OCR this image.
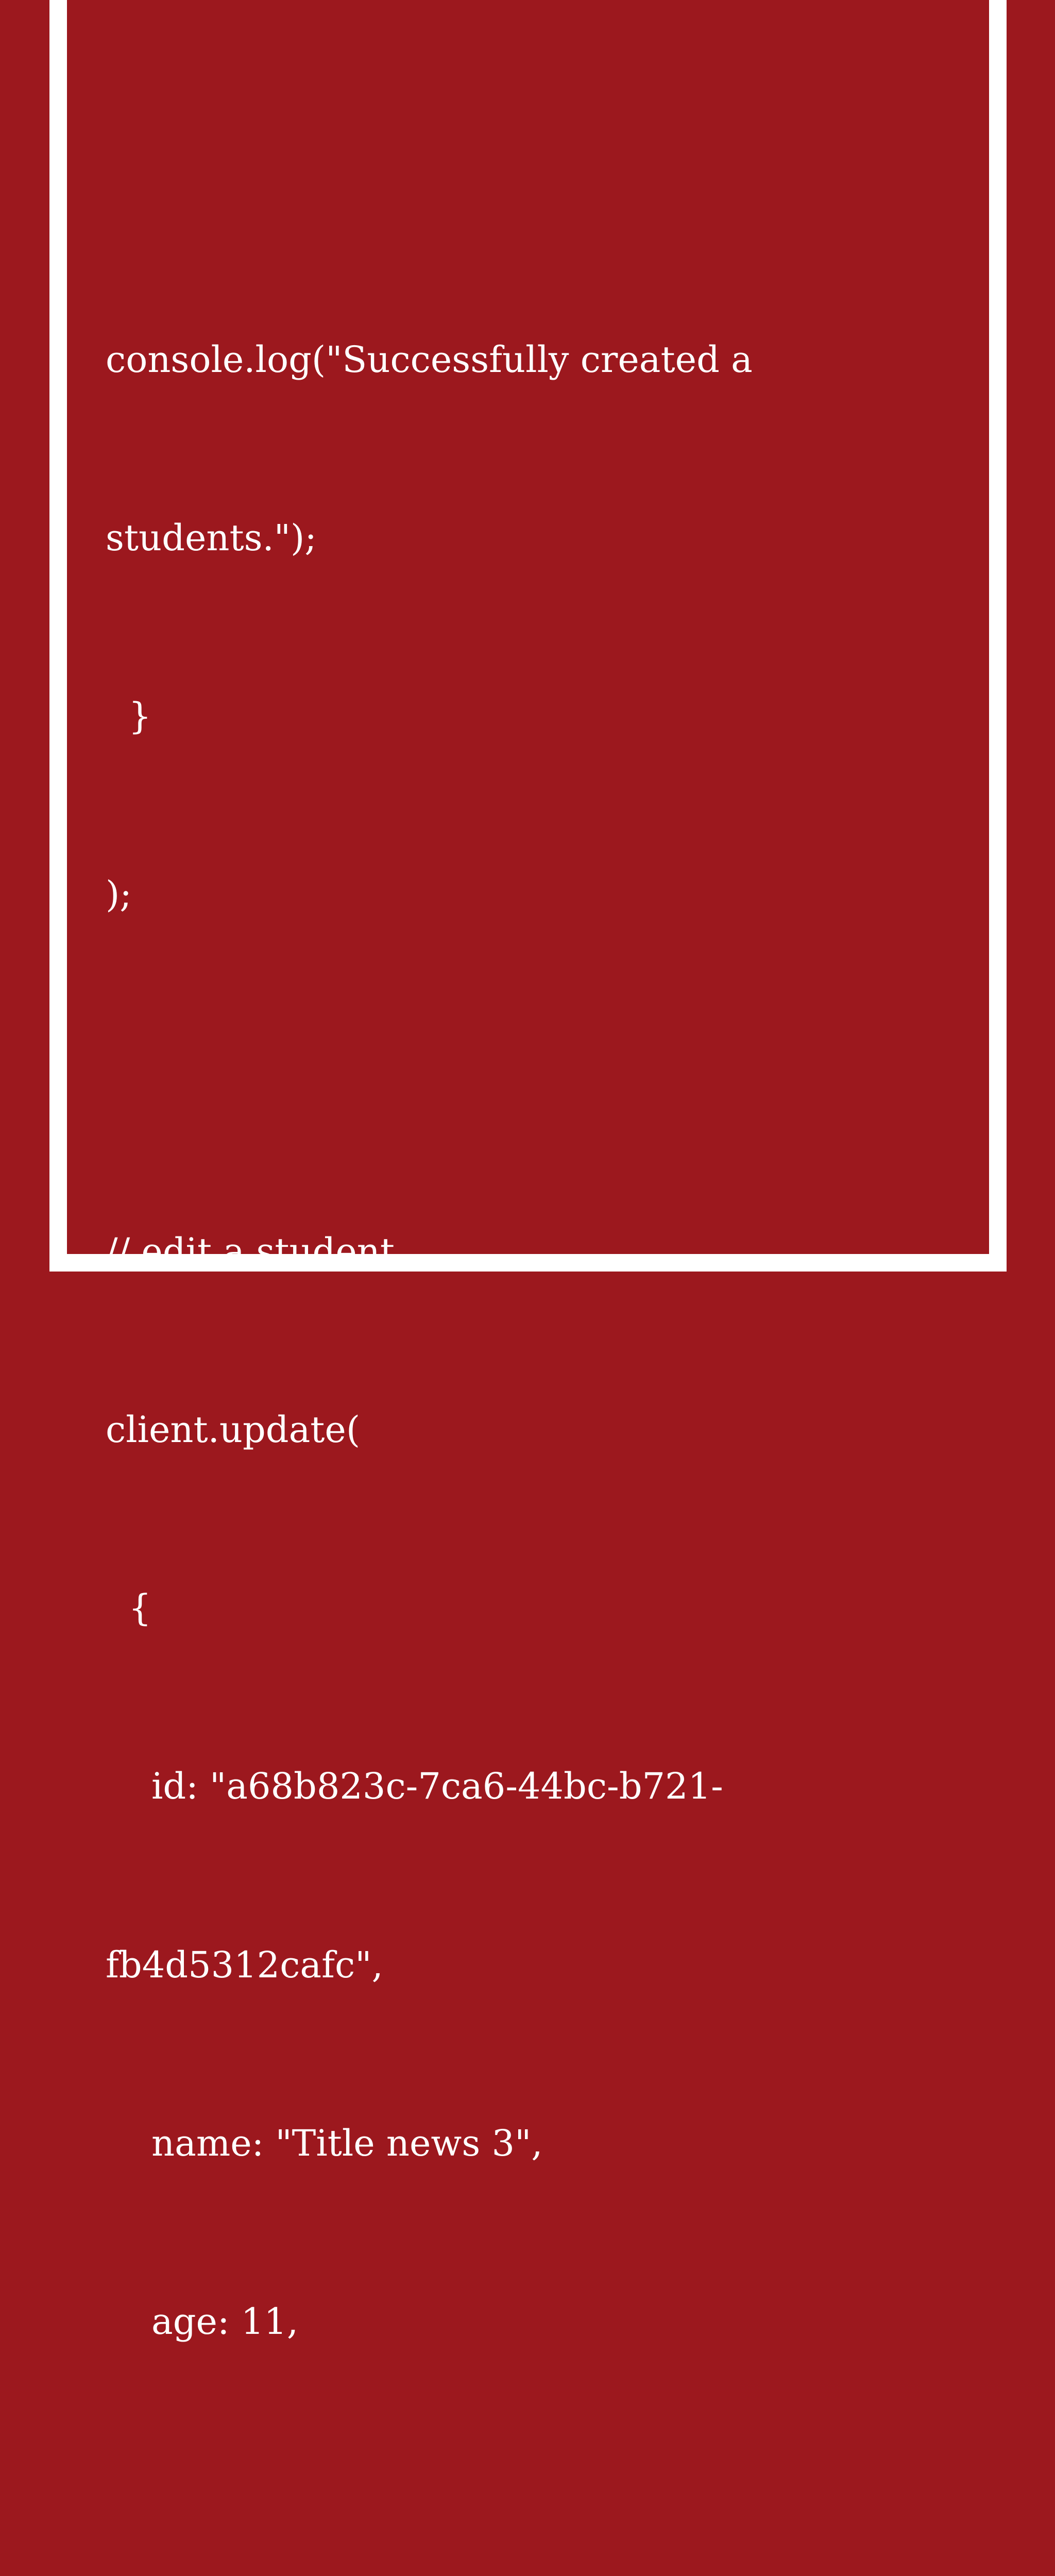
console.log("Successfully created a

students.");

}

);

// edit a student

client.update(

{

id: "a68b823c-7ca6-44bc-b721-

fb4d5312cafc",

name: "Title news 3",

age: 11,
